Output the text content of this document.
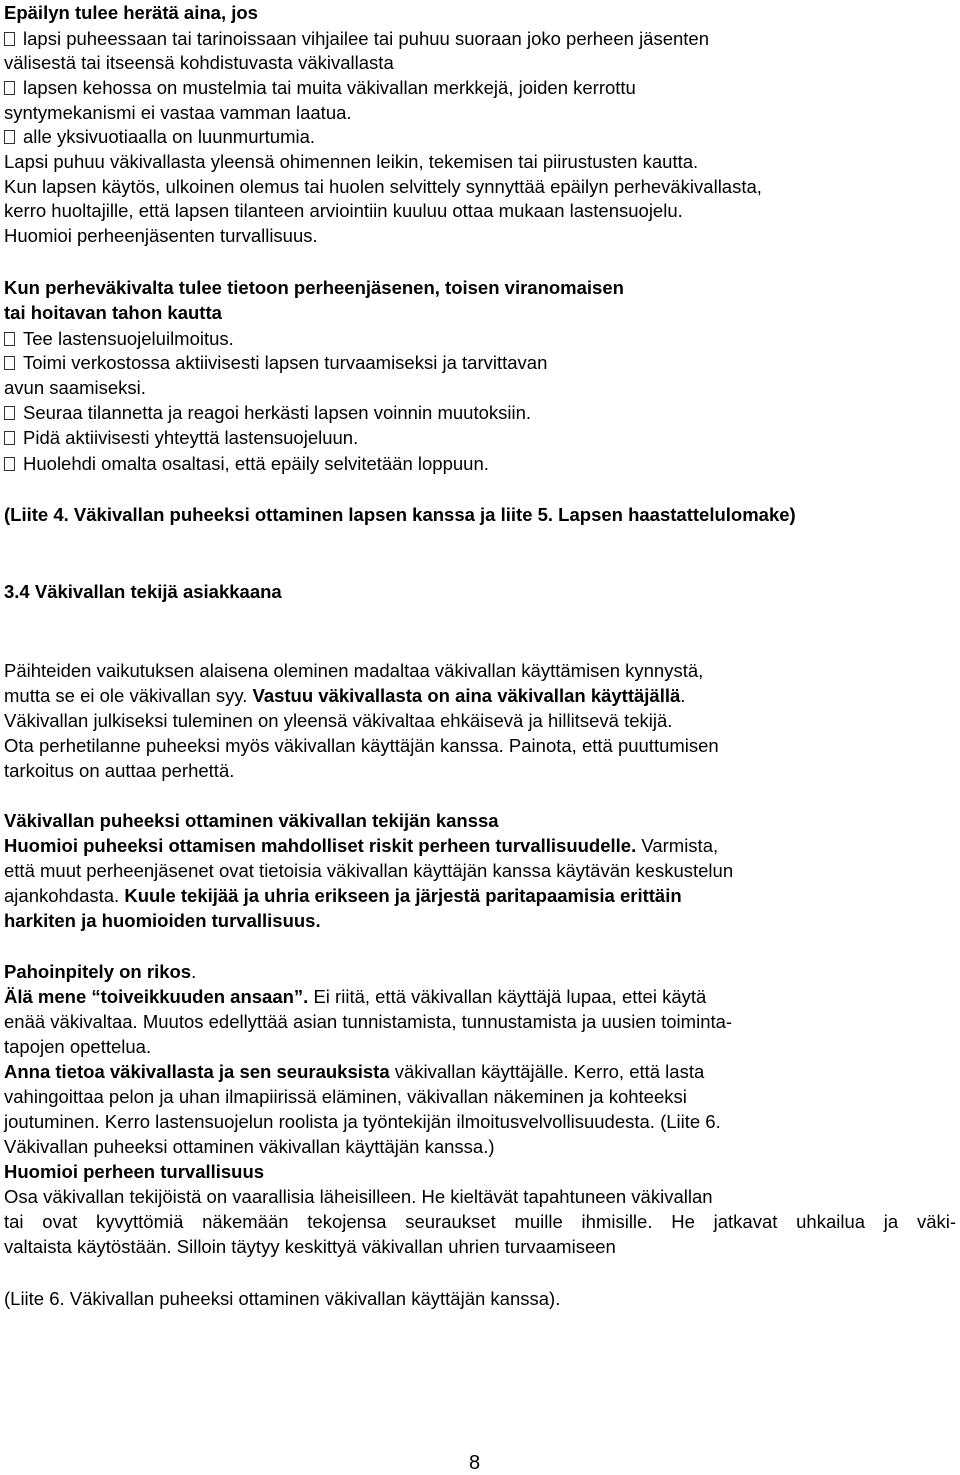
Epäilyn tulee herätä aina, jos

lapsi puheessaan tai tarinoissaan vihjailee tai puhuu suoraan joko perheen jäsenten

välisestä tai itseensä kohdistuvasta väkivallasta

lapsen kehossa on mustelmia tai muita väkivallan merkkejä, joiden kerrottu

syntymekanismi ei vastaa vamman laatua.

alle yksivuotiaalla on luunmurtumia.

Lapsi puhuu väkivallasta yleensä ohimennen leikin, tekemisen tai piirustusten kautta.

Kun lapsen käytös, ulkoinen olemus tai huolen selvittely synnyttää epäilyn perheväkivallasta,

kerro huoltajille, että lapsen tilanteen arviointiin kuuluu ottaa mukaan lastensuojelu.

Huomioi perheenjäsenten turvallisuus.

Kun perheväkivalta tulee tietoon perheenjäsenen, toisen viranomaisen

tai hoitavan tahon kautta

Tee lastensuojeluilmoitus.

Toimi verkostossa aktiivisesti lapsen turvaamiseksi ja tarvittavan

avun saamiseksi.

Seuraa tilannetta ja reagoi herkästi lapsen voinnin muutoksiin.

Pidä aktiivisesti yhteyttä lastensuojeluun.

Huolehdi omalta osaltasi, että epäily selvitetään loppuun.

(Liite 4. Väkivallan puheeksi ottaminen lapsen kanssa ja liite 5. Lapsen haastattelulomake)

3.4 Väkivallan tekijä asiakkaana

Päihteiden vaikutuksen alaisena oleminen madaltaa väkivallan käyttämisen kynnystä,

mutta se ei ole väkivallan syy. Vastuu väkivallasta on aina väkivallan käyttäjällä.

Väkivallan julkiseksi tuleminen on yleensä väkivaltaa ehkäisevä ja hillitsevä tekijä.

Ota perhetilanne puheeksi myös väkivallan käyttäjän kanssa. Painota, että puuttumisen

tarkoitus on auttaa perhettä.

Väkivallan puheeksi ottaminen väkivallan tekijän kanssa

Huomioi puheeksi ottamisen mahdolliset riskit perheen turvallisuudelle. Varmista,

että muut perheenjäsenet ovat tietoisia väkivallan käyttäjän kanssa käytävän keskustelun

ajankohdasta. Kuule tekijää ja uhria erikseen ja järjestä paritapaamisia erittäin

harkiten ja huomioiden turvallisuus.

Pahoinpitely on rikos.

Älä mene “toiveikkuuden ansaan”. Ei riitä, että väkivallan käyttäjä lupaa, ettei käytä

enää väkivaltaa. Muutos edellyttää asian tunnistamista, tunnustamista ja uusien toiminta-

tapojen opettelua.

Anna tietoa väkivallasta ja sen seurauksista väkivallan käyttäjälle. Kerro, että lasta

vahingoittaa pelon ja uhan ilmapiirissä eläminen, väkivallan näkeminen ja kohteeksi

joutuminen. Kerro lastensuojelun roolista ja työntekijän ilmoitusvelvollisuudesta. (Liite 6.

Väkivallan puheeksi ottaminen väkivallan käyttäjän kanssa.)

Huomioi perheen turvallisuus

Osa väkivallan tekijöistä on vaarallisia läheisilleen. He kieltävät tapahtuneen väkivallan

tai ovat kyvyttömiä näkemään tekojensa seuraukset muille ihmisille. He jatkavat uhkailua ja väki-

valtaista käytöstään. Silloin täytyy keskittyä väkivallan uhrien turvaamiseen

(Liite 6. Väkivallan puheeksi ottaminen väkivallan käyttäjän kanssa).

8
